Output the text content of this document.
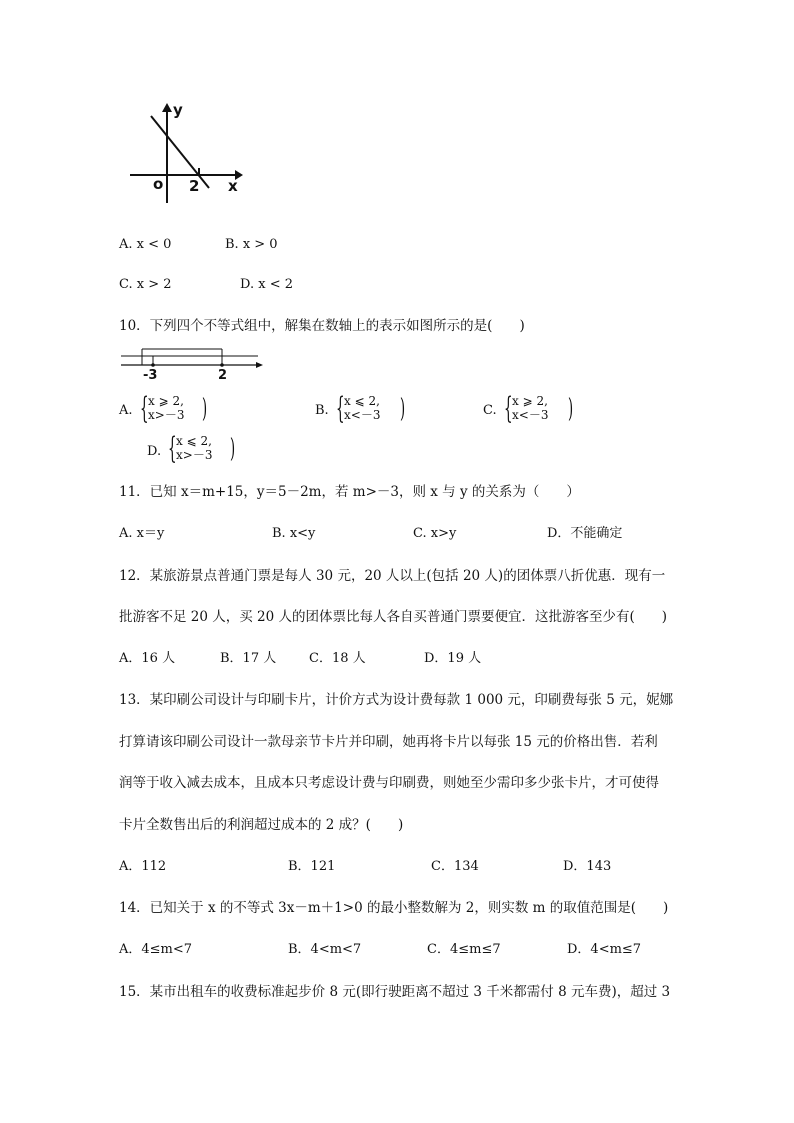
y
x
o 2
A. x < 0	B. x > 0
C. x > 2	D. x < 2
10．下列四个不等式组中，解集在数轴上的表示如图所示的是(　　)
-3	2
A. { x ⩾ 2,
x>－3 )	B. { x ⩽ 2,
x<－3 )	C. { x ⩾ 2,
x<－3 )
D. { x ⩽ 2,
x>－3 )
11．已知 x＝m+15，y＝5－2m，若 m>－3，则 x 与 y 的关系为（　　）
A. x＝y	B. x<y	C. x>y	D．不能确定
12．某旅游景点普通门票是每人 30 元，20 人以上(包括 20 人)的团体票八折优惠．现有一
批游客不足 20 人，买 20 人的团体票比每人各自买普通门票要便宜．这批游客至少有(　　)
A．16 人	B．17 人	C．18 人	D．19 人
13．某印刷公司设计与印刷卡片，计价方式为设计费每款 1 000 元，印刷费每张 5 元，妮娜
打算请该印刷公司设计一款母亲节卡片并印刷，她再将卡片以每张 15 元的价格出售．若利
润等于收入减去成本，且成本只考虑设计费与印刷费，则她至少需印多少张卡片，才可使得
卡片全数售出后的利润超过成本的 2 成？(　　)
A．112	B．121	C．134	D．143
14．已知关于 x 的不等式 3x－m＋1>0 的最小整数解为 2，则实数 m 的取值范围是(　　)
A．4≤m<7	B．4<m<7	C．4≤m≤7	D．4<m≤7
15．某市出租车的收费标准起步价 8 元(即行驶距离不超过 3 千米都需付 8 元车费)，超过 3
